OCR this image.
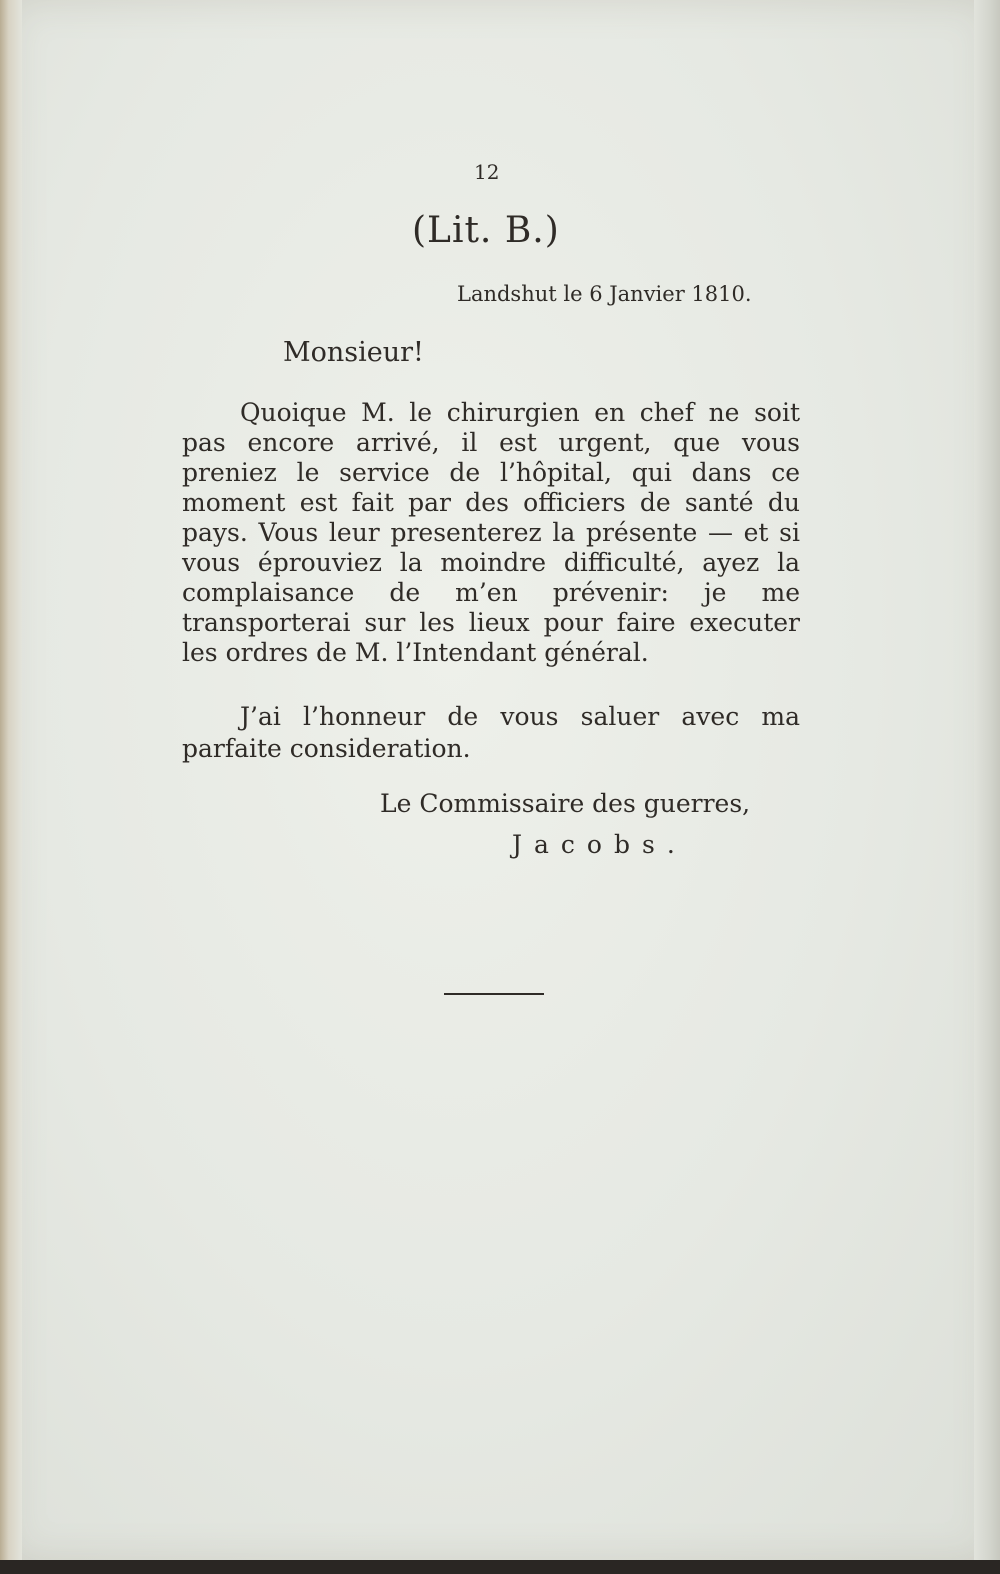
12
(Lit. B.)
Landshut le 6 Janvier 1810.
Monsieur!

Quoique M. le chirurgien en chef ne soit pas encore arrivé, il est urgent, que vous preniez le service de l’hôpital, qui dans ce moment est fait par des officiers de santé du pays. Vous leur presenterez la présente — et si vous éprouviez la moindre difficulté, ayez la complaisance de m’en prévenir: je me transporterai sur les lieux pour faire executer les ordres de M. l’Intendant général.

J’ai l’honneur de vous saluer avec ma parfaite consideration.

Le Commissaire des guerres,
Jacobs.
